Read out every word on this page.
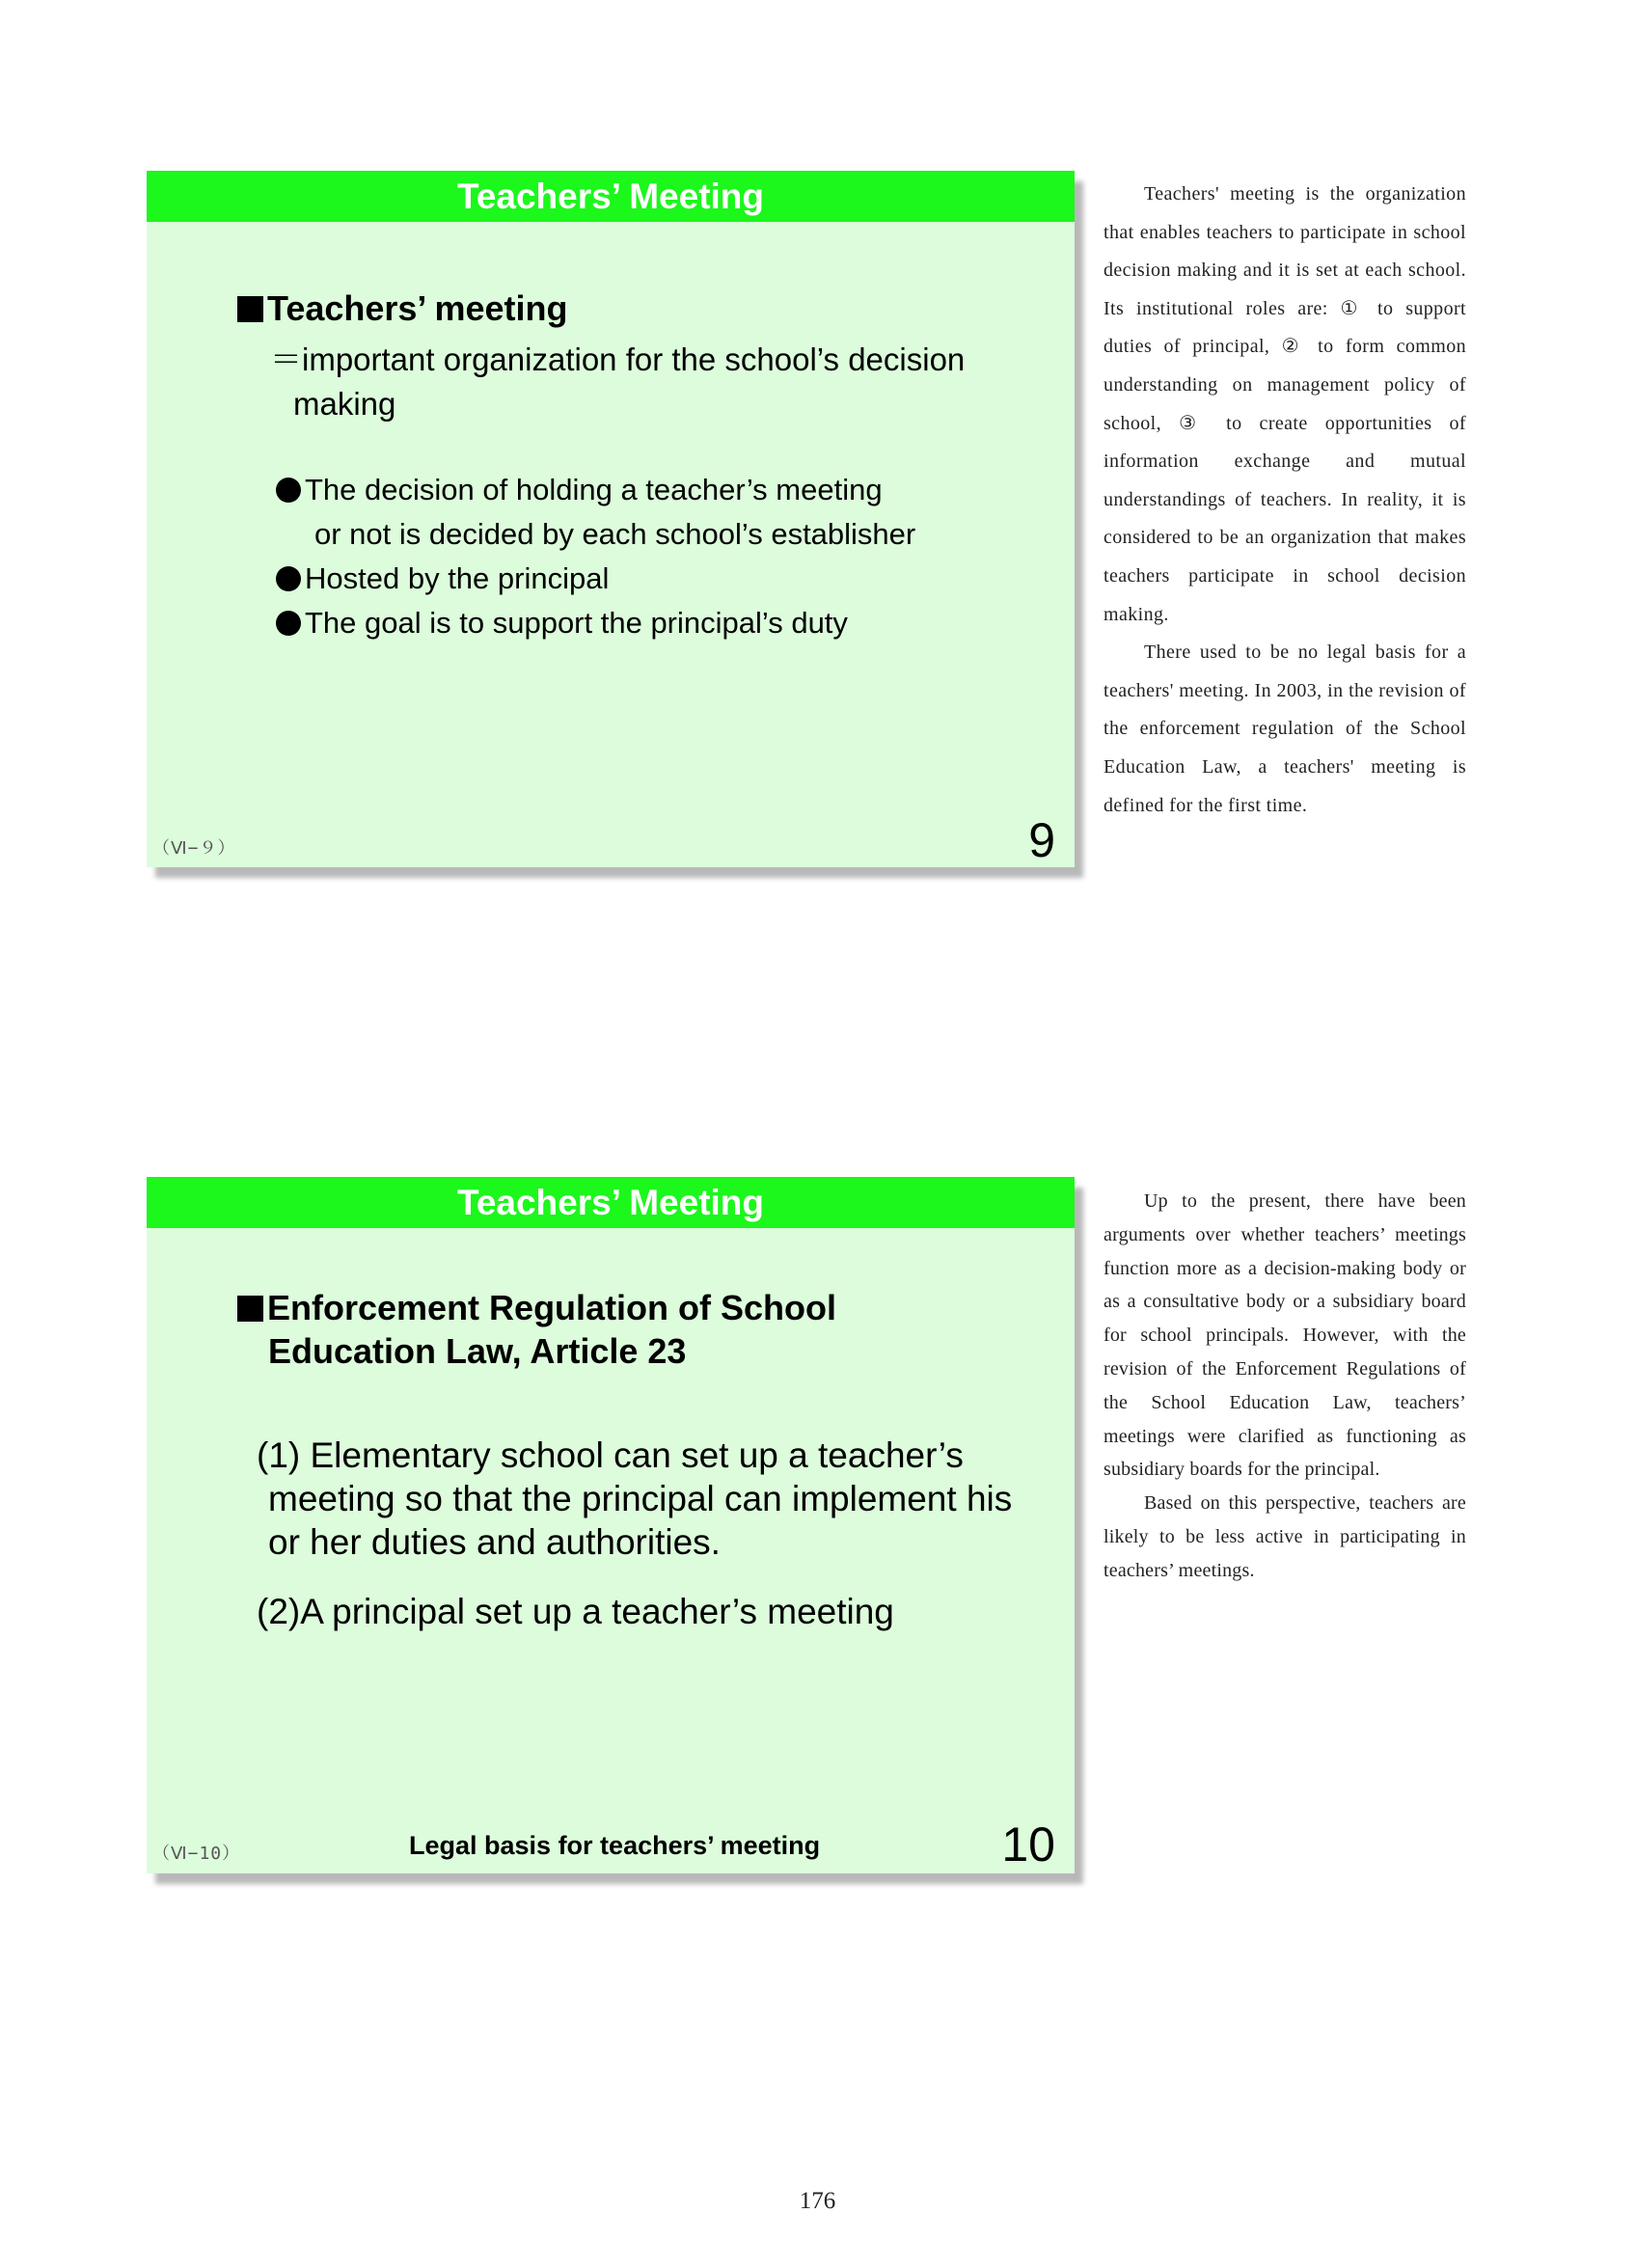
Teachers’ Meeting
Teachers’ meeting
＝important organization for the school’s decision
making
The decision of holding a teacher’s meeting
or not is decided by each school’s establisher
Hosted by the principal
The goal is to support the principal’s duty
（Ⅵ−９）	9

Teachers' meeting is the organization that enables teachers to participate in school decision making and it is set at each school. Its institutional roles are: ① to support duties of principal, ② to form common understanding on management policy of school, ③ to create opportunities of information exchange and mutual understandings of teachers. In reality, it is considered to be an organization that makes teachers participate in school decision making.

There used to be no legal basis for a teachers' meeting. In 2003, in the revision of the enforcement regulation of the School Education Law, a teachers' meeting is defined for the first time.

Teachers’ Meeting
Enforcement Regulation of School
Education Law, Article 23
(1) Elementary school can set up a teacher’s
meeting so that the principal can implement his
or her duties and authorities.
(2)A principal set up a teacher’s meeting
（Ⅵ−10）	Legal basis for teachers’ meeting	10

Up to the present, there have been arguments over whether teachers’ meetings function more as a decision-making body or as a consultative body or a subsidiary board for school principals. However, with the revision of the Enforcement Regulations of the School Education Law, teachers’ meetings were clarified as functioning as subsidiary boards for the principal.

Based on this perspective, teachers are likely to be less active in participating in teachers’ meetings.

176
